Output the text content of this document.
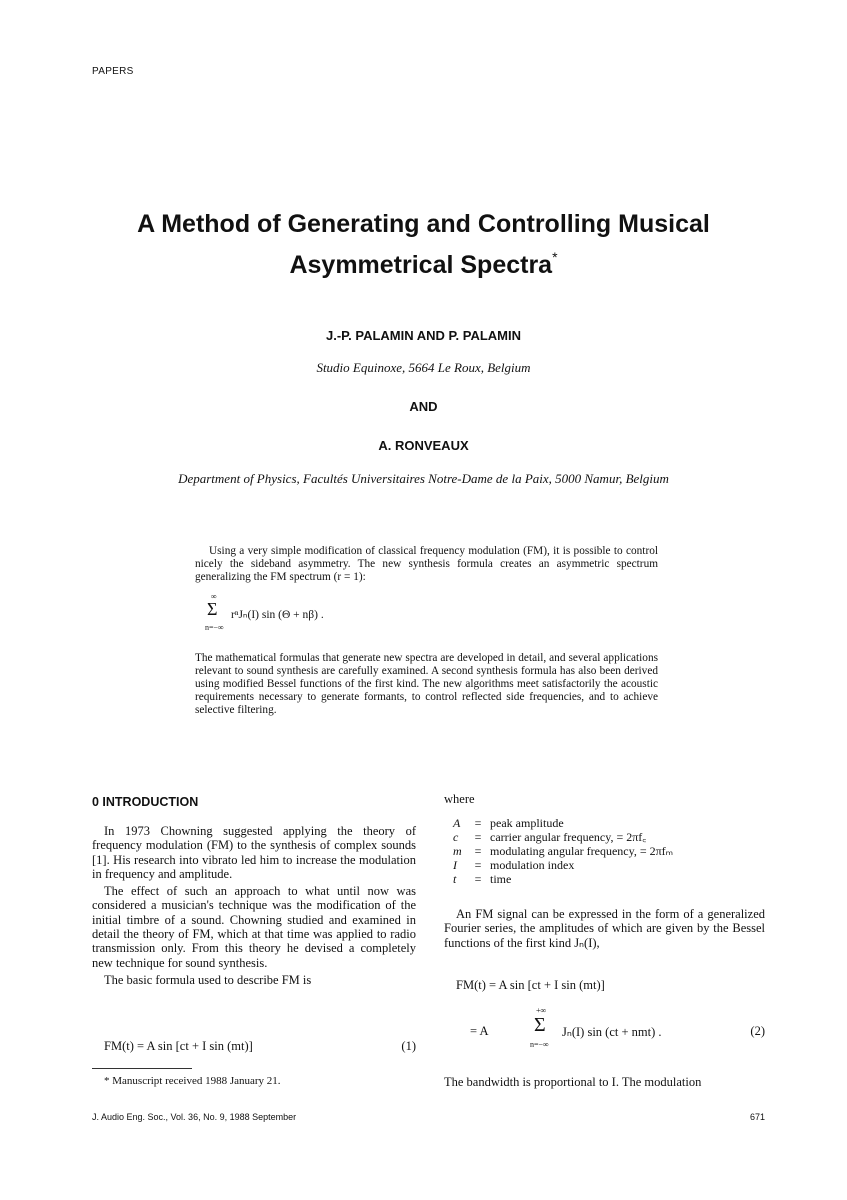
PAPERS
A Method of Generating and Controlling Musical
Asymmetrical Spectra*
J.-P. PALAMIN AND P. PALAMIN
Studio Equinoxe, 5664 Le Roux, Belgium
AND
A. RONVEAUX
Department of Physics, Facultés Universitaires Notre-Dame de la Paix, 5000 Namur, Belgium

Using a very simple modification of classical frequency modulation (FM), it is possible to control nicely the sideband asymmetry. The new synthesis formula creates an asymmetric spectrum generalizing the FM spectrum (r = 1):

∞
Σ
n=−∞
rⁿJₙ(I) sin (Θ + nβ) .

The mathematical formulas that generate new spectra are developed in detail, and several applications relevant to sound synthesis are carefully examined. A second synthesis formula has also been derived using modified Bessel functions of the first kind. The new algorithms meet satisfactorily the acoustic requirements necessary to generate formants, to control reflected side frequencies, and to achieve selective filtering.

0 INTRODUCTION

In 1973 Chowning suggested applying the theory of frequency modulation (FM) to the synthesis of complex sounds [1]. His research into vibrato led him to increase the modulation in frequency and amplitude.

The effect of such an approach to what until now was considered a musician's technique was the modification of the initial timbre of a sound. Chowning studied and examined in detail the theory of FM, which at that time was applied to radio transmission only. From this theory he devised a completely new technique for sound synthesis.

The basic formula used to describe FM is

FM(t) = A sin [ct + I sin (mt)]	(1)
* Manuscript received 1988 January 21.
where
A = peak amplitude
c = carrier angular frequency, = 2πf꜀
m = modulating angular frequency, = 2πfₘ
I = modulation index
t = time

An FM signal can be expressed in the form of a generalized Fourier series, the amplitudes of which are given by the Bessel functions of the first kind Jₙ(I),

FM(t) = A sin [ct + I sin (mt)]
= A
+∞
Σ
n=−∞
Jₙ(I) sin (ct + nmt) .	(2)
The bandwidth is proportional to I. The modulation
J. Audio Eng. Soc., Vol. 36, No. 9, 1988 September	671
